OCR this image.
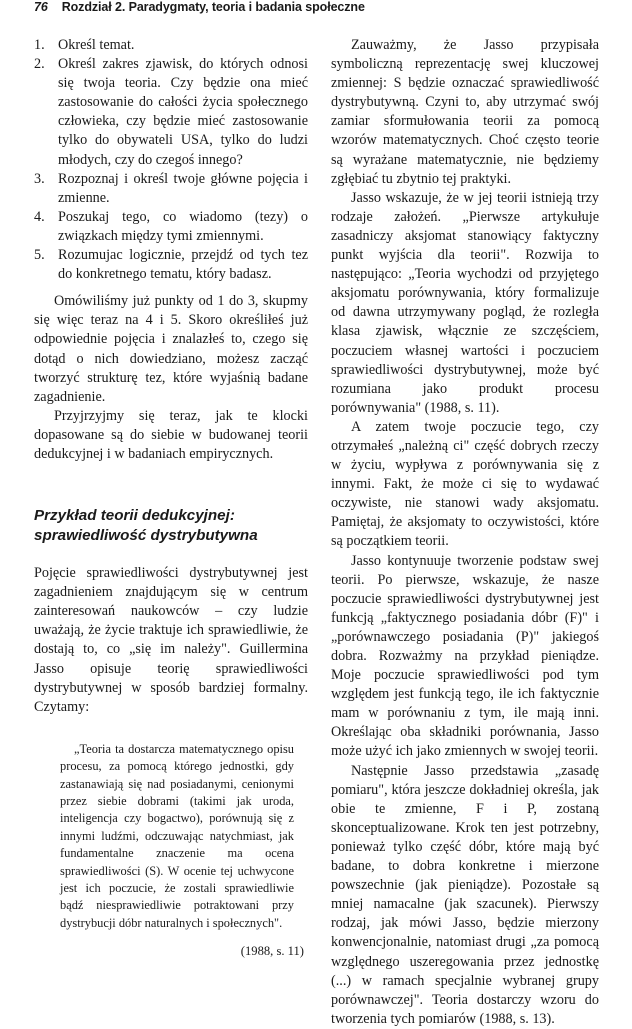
76 Rozdział 2. Paradygmaty, teoria i badania społeczne
1. Określ temat.
2. Określ zakres zjawisk, do których odnosi się twoja teoria. Czy będzie ona mieć zastosowanie do całości życia społecznego człowieka, czy będzie mieć zastosowanie tylko do obywateli USA, tylko do ludzi młodych, czy do czegoś innego?
3. Rozpoznaj i określ twoje główne pojęcia i zmienne.
4. Poszukaj tego, co wiadomo (tezy) o związkach między tymi zmiennymi.
5. Rozumujac logicznie, przejdź od tych tez do konkretnego tematu, który badasz.

Omówiliśmy już punkty od 1 do 3, skupmy się więc teraz na 4 i 5. Skoro określiłeś już odpowiednie pojęcia i znalazłeś to, czego się dotąd o nich dowiedziano, możesz zacząć tworzyć strukturę tez, które wyjaśnią badane zagadnienie.

Przyjrzyjmy się teraz, jak te klocki dopasowane są do siebie w budowanej teorii dedukcyjnej i w badaniach empirycznych.

Przykład teorii dedukcyjnej:
sprawiedliwość dystrybutywna

Pojęcie sprawiedliwości dystrybutywnej jest zagadnieniem znajdującym się w centrum zainteresowań naukowców – czy ludzie uważają, że życie traktuje ich sprawiedliwie, że dostają to, co „się im należy". Guillermina Jasso opisuje teorię sprawiedliwości dystrybutywnej w sposób bardziej formalny. Czytamy:

„Teoria ta dostarcza matematycznego opisu procesu, za pomocą którego jednostki, gdy zastanawiają się nad posiadanymi, cenionymi przez siebie dobrami (takimi jak uroda, inteligencja czy bogactwo), porównują się z innymi ludźmi, odczuwając natychmiast, jak fundamentalne znaczenie ma ocena sprawiedliwości (S). W ocenie tej uchwycone jest ich poczucie, że zostali sprawiedliwie bądź niesprawiedliwie potraktowani przy dystrybucji dóbr naturalnych i społecznych".

(1988, s. 11)

Zauważmy, że Jasso przypisała symboliczną reprezentację swej kluczowej zmiennej: S będzie oznaczać sprawiedliwość dystrybutywną. Czyni to, aby utrzymać swój zamiar sformułowania teorii za pomocą wzorów matematycznych. Choć często teorie są wyrażane matematycznie, nie będziemy zgłębiać tu zbytnio tej praktyki.

Jasso wskazuje, że w jej teorii istnieją trzy rodzaje założeń. „Pierwsze artykułuje zasadniczy aksjomat stanowiący faktyczny punkt wyjścia dla teorii". Rozwija to następująco: „Teoria wychodzi od przyjętego aksjomatu porównywania, który formalizuje od dawna utrzymywany pogląd, że rozległa klasa zjawisk, włącznie ze szczęściem, poczuciem własnej wartości i poczuciem sprawiedliwości dystrybutywnej, może być rozumiana jako produkt procesu porównywania" (1988, s. 11).

A zatem twoje poczucie tego, czy otrzymałeś „należną ci" część dobrych rzeczy w życiu, wypływa z porównywania się z innymi. Fakt, że może ci się to wydawać oczywiste, nie stanowi wady aksjomatu. Pamiętaj, że aksjomaty to oczywistości, które są początkiem teorii.

Jasso kontynuuje tworzenie podstaw swej teorii. Po pierwsze, wskazuje, że nasze poczucie sprawiedliwości dystrybutywnej jest funkcją „faktycznego posiadania dóbr (F)" i „porównawczego posiadania (P)" jakiegoś dobra. Rozważmy na przykład pieniądze. Moje poczucie sprawiedliwości pod tym względem jest funkcją tego, ile ich faktycznie mam w porównaniu z tym, ile mają inni. Określając oba składniki porównania, Jasso może użyć ich jako zmiennych w swojej teorii.

Następnie Jasso przedstawia „zasadę pomiaru", która jeszcze dokładniej określa, jak obie te zmienne, F i P, zostaną skonceptualizowane. Krok ten jest potrzebny, ponieważ tylko część dóbr, które mają być badane, to dobra konkretne i mierzone powszechnie (jak pieniądze). Pozostałe są mniej namacalne (jak szacunek). Pierwszy rodzaj, jak mówi Jasso, będzie mierzony konwencjonalnie, natomiast drugi „za pomocą względnego uszeregowania przez jednostkę (...) w ramach specjalnie wybranej grupy porównawczej". Teoria dostarczy wzoru do tworzenia tych pomiarów (1988, s. 13).
